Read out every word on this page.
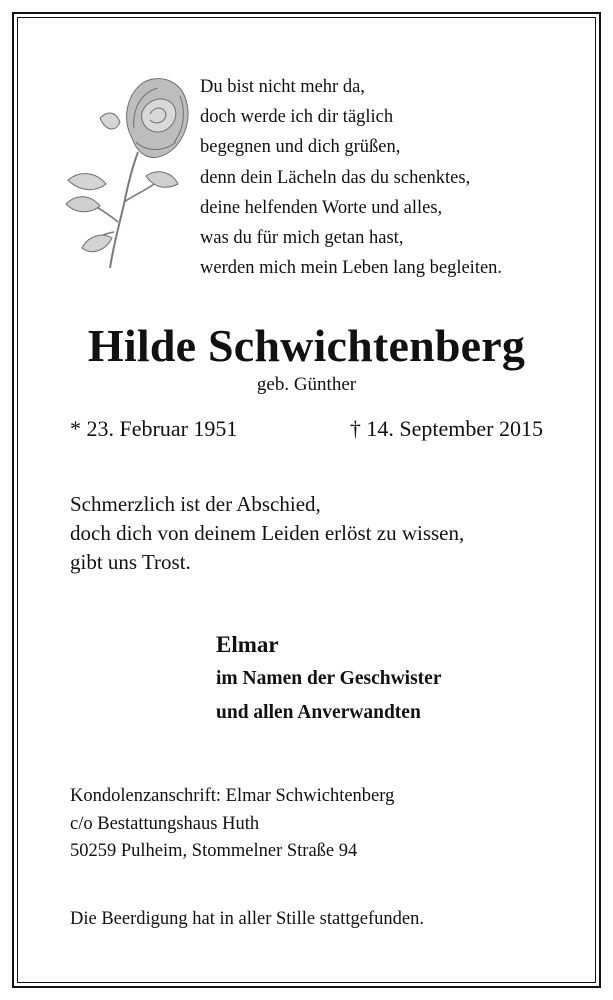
Du bist nicht mehr da,
doch werde ich dir täglich
begegnen und dich grüßen,
denn dein Lächeln das du schenktes,
deine helfenden Worte und alles,
was du für mich getan hast,
werden mich mein Leben lang begleiten.
Hilde Schwichtenberg
geb. Günther
* 23. Februar 1951	† 14. September 2015
Schmerzlich ist der Abschied,
doch dich von deinem Leiden erlöst zu wissen,
gibt uns Trost.
Elmar
im Namen der Geschwister
und allen Anverwandten
Kondolenzanschrift: Elmar Schwichtenberg
c/o Bestattungshaus Huth
50259 Pulheim, Stommelner Straße 94
Die Beerdigung hat in aller Stille stattgefunden.
